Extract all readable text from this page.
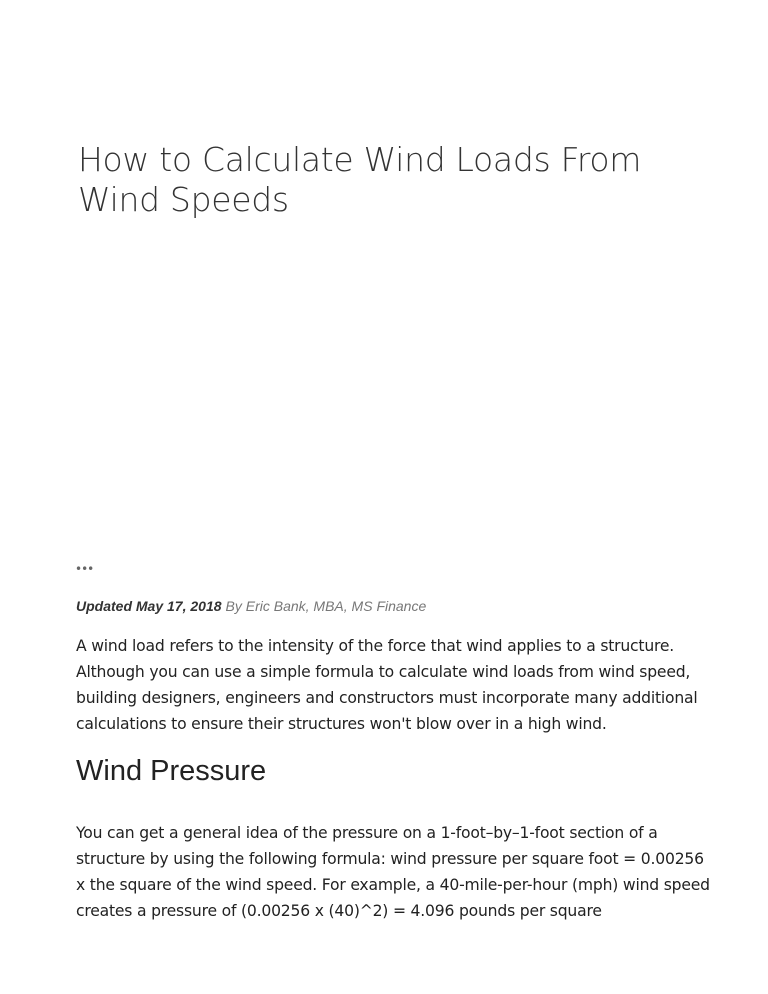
How to Calculate Wind Loads From Wind Speeds
•••
Updated May 17, 2018 By Eric Bank, MBA, MS Finance

A wind load refers to the intensity of the force that wind applies to a structure. Although you can use a simple formula to calculate wind loads from wind speed, building designers, engineers and constructors must incorporate many additional calculations to ensure their structures won't blow over in a high wind.

Wind Pressure

You can get a general idea of the pressure on a 1-foot–by–1-foot section of a structure by using the following formula: wind pressure per square foot = 0.00256 x the square of the wind speed. For example, a 40-mile-per-hour (mph) wind speed creates a pressure of (0.00256 x (40)^2) = 4.096 pounds per square
